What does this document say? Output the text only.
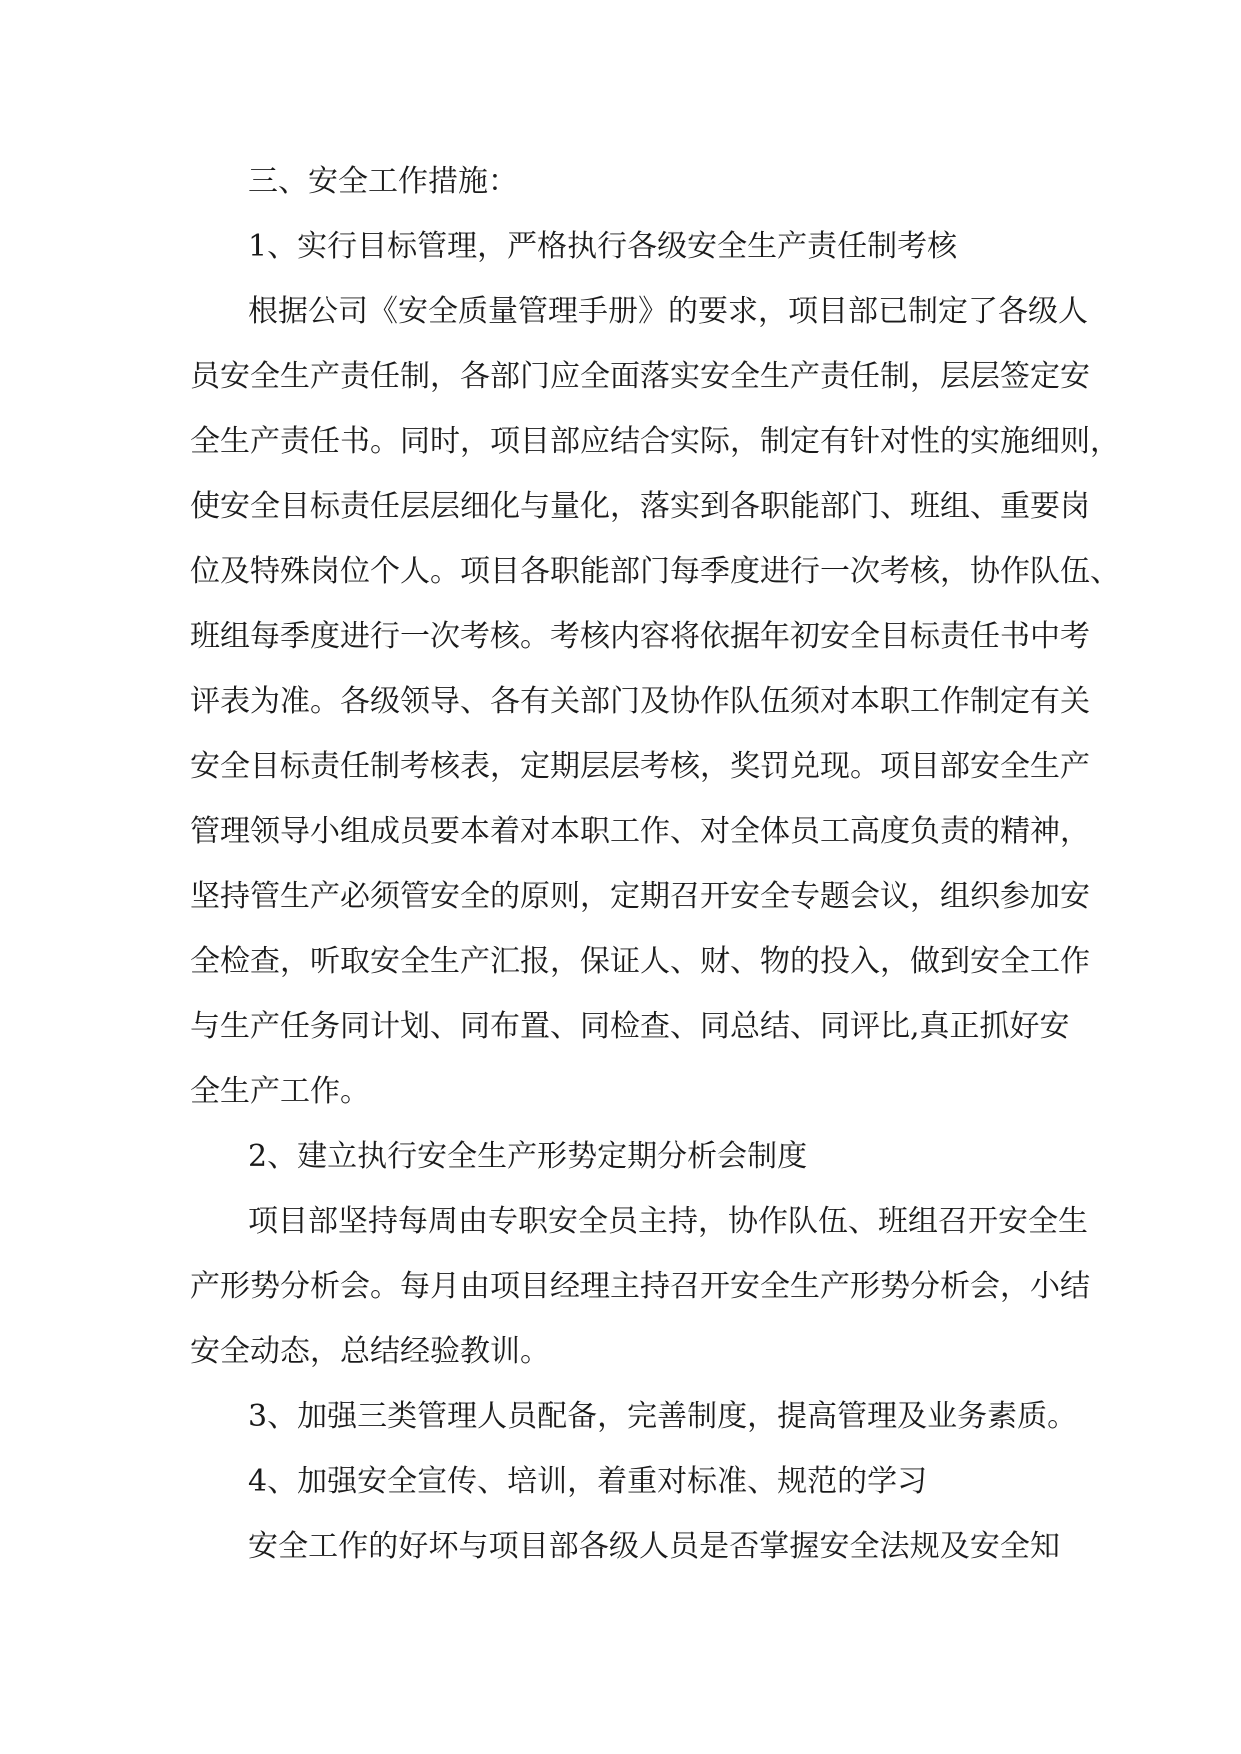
三、安全工作措施：

1、实行目标管理，严格执行各级安全生产责任制考核

根据公司《安全质量管理手册》的要求，项目部已制定了各级人

员安全生产责任制，各部门应全面落实安全生产责任制，层层签定安

全生产责任书。同时，项目部应结合实际，制定有针对性的实施细则，

使安全目标责任层层细化与量化，落实到各职能部门、班组、重要岗

位及特殊岗位个人。项目各职能部门每季度进行一次考核，协作队伍、

班组每季度进行一次考核。考核内容将依据年初安全目标责任书中考

评表为准。各级领导、各有关部门及协作队伍须对本职工作制定有关

安全目标责任制考核表，定期层层考核，奖罚兑现。项目部安全生产

管理领导小组成员要本着对本职工作、对全体员工高度负责的精神，

坚持管生产必须管安全的原则，定期召开安全专题会议，组织参加安

全检查，听取安全生产汇报，保证人、财、物的投入，做到安全工作

与生产任务同计划、同布置、同检查、同总结、同评比,真正抓好安

全生产工作。

2、建立执行安全生产形势定期分析会制度

项目部坚持每周由专职安全员主持，协作队伍、班组召开安全生

产形势分析会。每月由项目经理主持召开安全生产形势分析会，小结

安全动态，总结经验教训。

3、加强三类管理人员配备，完善制度，提高管理及业务素质。

4、加强安全宣传、培训，着重对标准、规范的学习

安全工作的好坏与项目部各级人员是否掌握安全法规及安全知
